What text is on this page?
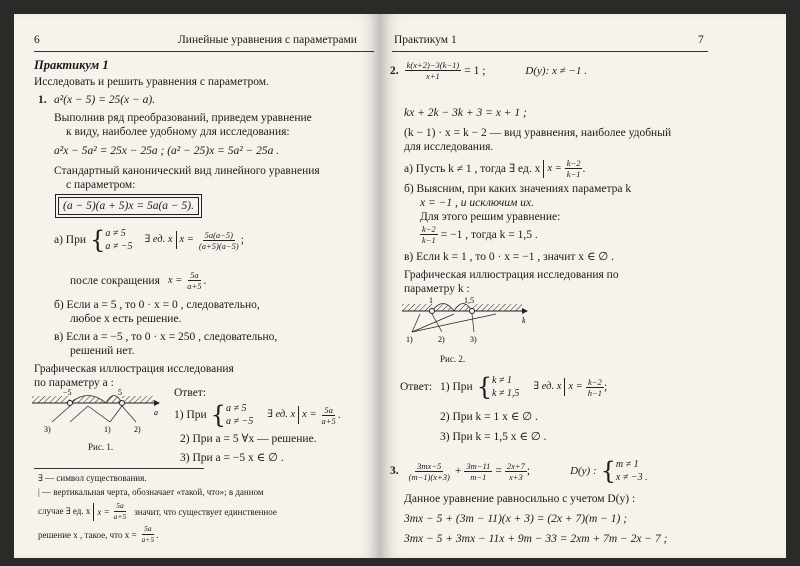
6	Линейные уравнения с параметрами
Практикум 1
Исследовать и решить уравнения с параметром.
1. a²(x − 5) = 25(x − a).
Выполнив ряд преобразований, приведем уравнение
к виду, наиболее удобному для исследования:
a²x − 5a² = 25x − 25a ; (a² − 25)x = 5a² − 25a .
Стандартный канонический вид линейного уравнения
с параметром:
(a − 5)(a + 5)x = 5a(a − 5).
а) При { a ≠ 5
a ≠ −5
∃ ед. x $x = \frac{5a(a-5)}{(a+5)(a-5)}$ ;
после сокращения $x = \frac{5a}{a+5}$ .
б) Если a = 5 , то 0 · x = 0 , следовательно,
любое x есть решение.
в) Если a = −5 , то 0 · x = 250 , следовательно,
решений нет.
Графическая иллюстрация исследования
по параметру a :
−5	5
a
3)	1)	2)
Рис. 1.
Ответ:
1) При { a ≠ 5
a ≠ −5
∃ ед. x $x = \frac{5a}{a+5}$ .
2) При a = 5 ∀x — решение.
3) При a = −5 x ∈ ∅ .
∃ — символ существования.
| — вертикальная черта, обозначает «такой, что»; в данном
случае ∃ ед. x $x = \frac{5a}{a+5}$ значит, что существует единственное
решение x , такое, что $x = \frac{5a}{a+5}$ .
Практикум 1	7
2. $\frac{k(x+2)-3(k-1)}{x+1} = 1$ ;	D(y): x ≠ −1 .
kx + 2k − 3k + 3 = x + 1 ;
(k − 1) · x = k − 2 — вид уравнения, наиболее удобный
для исследования.
а) Пусть k ≠ 1 , тогда ∃ ед. x $x = \frac{k-2}{k-1}$ .
б) Выясним, при каких значениях параметра k
x = −1 , и исключим их.
Для этого решим уравнение:
$\frac{k-2}{k-1} = -1$ , тогда k = 1,5 .
в) Если k = 1 , то 0 · x = −1 , значит x ∈ ∅ .
Графическая иллюстрация исследования по
параметру k :
1	1,5
k
1)	2)	3)
Рис. 2.
Ответ: 1) При { k ≠ 1
k ≠ 1,5
∃ ед. x $x = \frac{k-2}{h-1}$ ;
2) При k = 1 x ∈ ∅ .
3) При k = 1,5 x ∈ ∅ .
3. $\frac{3mx-5}{(m-1)(x+3)} + \frac{3m-11}{m-1} = \frac{2x+7}{x+3}$ ;	D(y) : { m ≠ 1
x ≠ −3 .
Данное уравнение равносильно с учетом D(y) :
3mx − 5 + (3m − 11)(x + 3) = (2x + 7)(m − 1) ;
3mx − 5 + 3mx − 11x + 9m − 33 = 2xm + 7m − 2x − 7 ;
